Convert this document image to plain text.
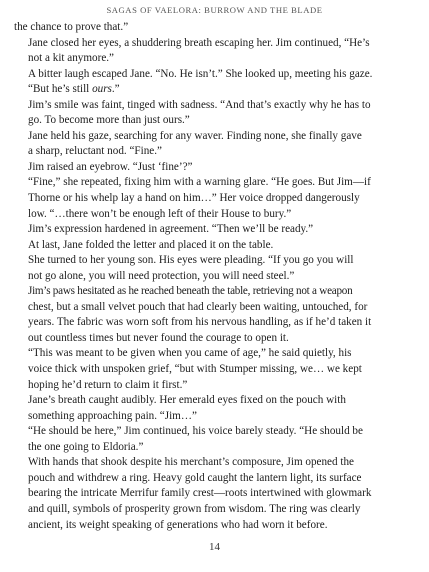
SAGAS OF VAELORA: BURROW AND THE BLADE

the chance to prove that.”

Jane closed her eyes, a shuddering breath escaping her. Jim continued, “He’s
not a kit anymore.”

A bitter laugh escaped Jane. “No. He isn’t.” She looked up, meeting his gaze.
“But he’s still ours.”

Jim’s smile was faint, tinged with sadness. “And that’s exactly why he has to
go. To become more than just ours.”

Jane held his gaze, searching for any waver. Finding none, she finally gave
a sharp, reluctant nod. “Fine.”

Jim raised an eyebrow. “Just ‘fine’?”

“Fine,” she repeated, fixing him with a warning glare. “He goes. But Jim—if
Thorne or his whelp lay a hand on him…” Her voice dropped dangerously
low. “…there won’t be enough left of their House to bury.”

Jim’s expression hardened in agreement. “Then we’ll be ready.”

At last, Jane folded the letter and placed it on the table.

She turned to her young son. His eyes were pleading. “If you go you will
not go alone, you will need protection, you will need steel.”

Jim’s paws hesitated as he reached beneath the table, retrieving not a weapon
chest, but a small velvet pouch that had clearly been waiting, untouched, for
years. The fabric was worn soft from his nervous handling, as if he’d taken it
out countless times but never found the courage to open it.

“This was meant to be given when you came of age,” he said quietly, his
voice thick with unspoken grief, “but with Stumper missing, we… we kept
hoping he’d return to claim it first.”

Jane’s breath caught audibly. Her emerald eyes fixed on the pouch with
something approaching pain. “Jim…”

“He should be here,” Jim continued, his voice barely steady. “He should be
the one going to Eldoria.”

With hands that shook despite his merchant’s composure, Jim opened the
pouch and withdrew a ring. Heavy gold caught the lantern light, its surface
bearing the intricate Merrifur family crest—roots intertwined with glowmark
and quill, symbols of prosperity grown from wisdom. The ring was clearly
ancient, its weight speaking of generations who had worn it before.

14
